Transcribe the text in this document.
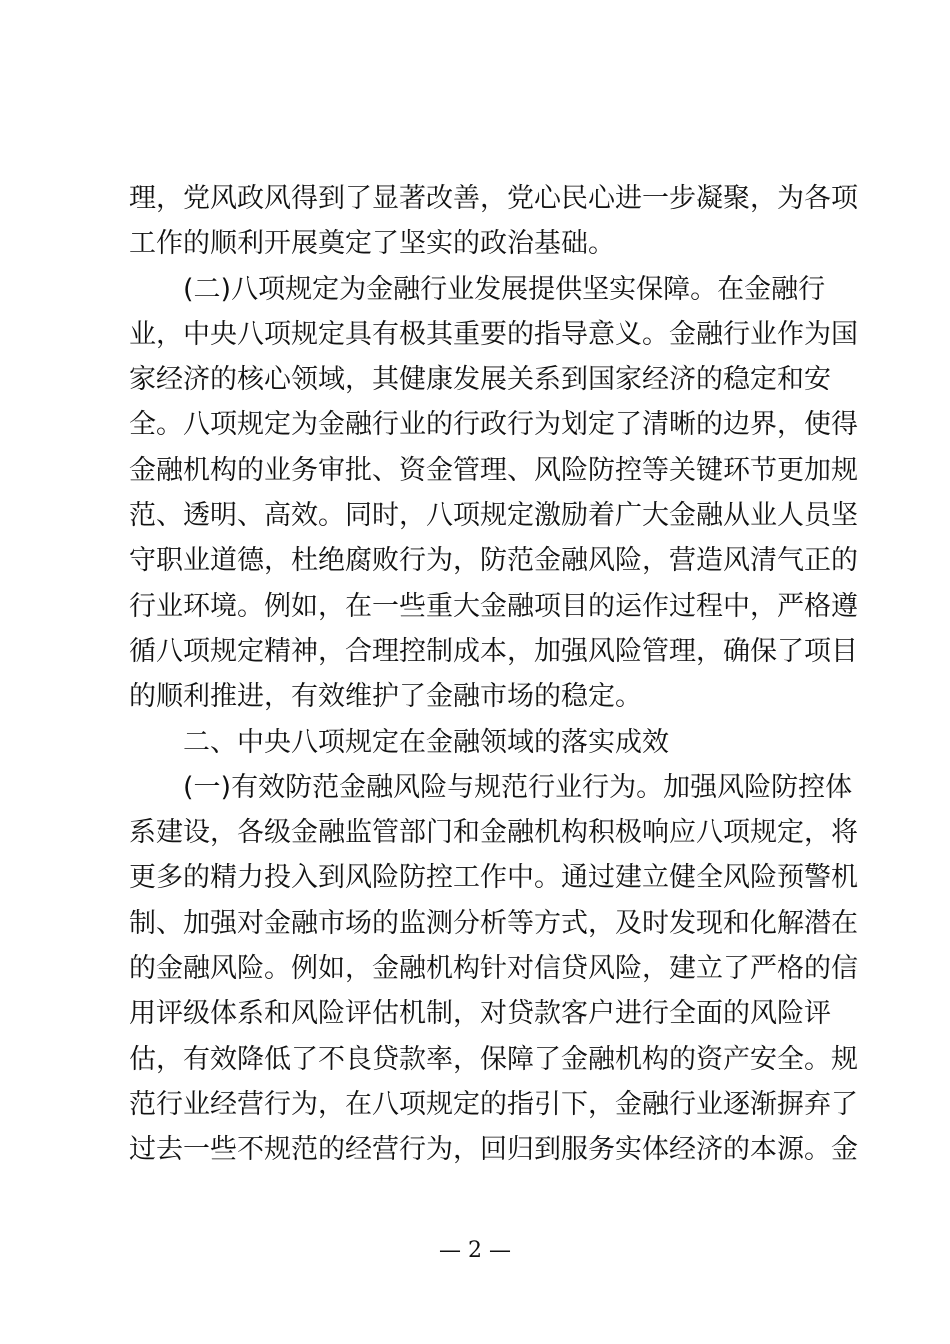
理，党风政风得到了显著改善，党心民心进一步凝聚，为各项
工作的顺利开展奠定了坚实的政治基础。
　　(二)八项规定为金融行业发展提供坚实保障。在金融行
业，中央八项规定具有极其重要的指导意义。金融行业作为国
家经济的核心领域，其健康发展关系到国家经济的稳定和安
全。八项规定为金融行业的行政行为划定了清晰的边界，使得
金融机构的业务审批、资金管理、风险防控等关键环节更加规
范、透明、高效。同时，八项规定激励着广大金融从业人员坚
守职业道德，杜绝腐败行为，防范金融风险，营造风清气正的
行业环境。例如，在一些重大金融项目的运作过程中，严格遵
循八项规定精神，合理控制成本，加强风险管理，确保了项目
的顺利推进，有效维护了金融市场的稳定。
　　二、中央八项规定在金融领域的落实成效
　　(一)有效防范金融风险与规范行业行为。加强风险防控体
系建设，各级金融监管部门和金融机构积极响应八项规定，将
更多的精力投入到风险防控工作中。通过建立健全风险预警机
制、加强对金融市场的监测分析等方式，及时发现和化解潜在
的金融风险。例如，金融机构针对信贷风险，建立了严格的信
用评级体系和风险评估机制，对贷款客户进行全面的风险评
估，有效降低了不良贷款率，保障了金融机构的资产安全。规
范行业经营行为，在八项规定的指引下，金融行业逐渐摒弃了
过去一些不规范的经营行为，回归到服务实体经济的本源。金
— 2 —
